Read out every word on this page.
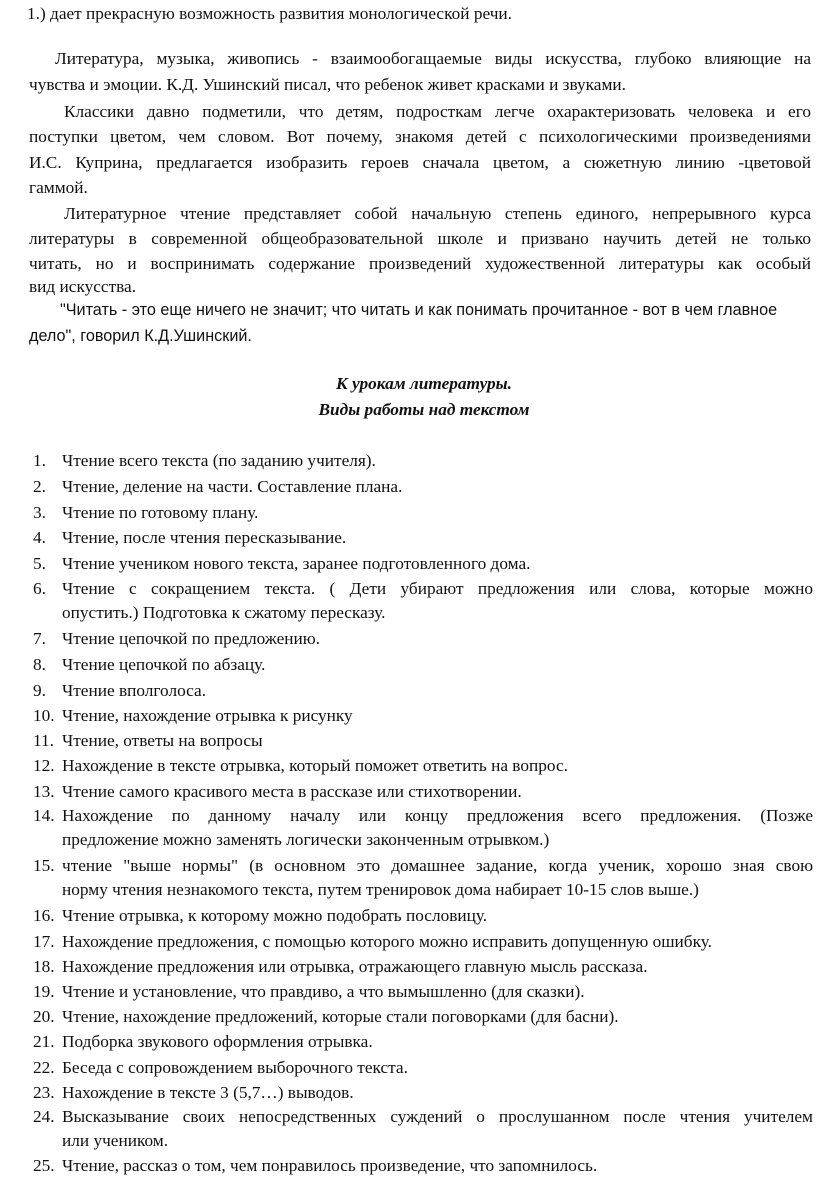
1.) дает прекрасную возможность развития монологической речи.
Литература, музыка, живопись - взаимообогащаемые виды искусства, глубоко влияющие на
чувства и эмоции. К.Д. Ушинский писал, что ребенок живет красками и звуками.
Классики давно подметили, что детям, подросткам легче охарактеризовать человека и его
поступки цветом, чем словом. Вот почему, знакомя детей с психологическими произведениями
И.С. Куприна, предлагается изобразить героев сначала цветом, а сюжетную линию -цветовой
гаммой.
Литературное чтение представляет собой начальную степень единого, непрерывного курса
литературы в современной общеобразовательной школе и призвано научить детей не только
читать, но и воспринимать содержание произведений художественной литературы как особый
вид искусства.
"Читать - это еще ничего не значит; что читать и как понимать прочитанное - вот в чем главное
дело", говорил К.Д.Ушинский.
К урокам литературы.
Виды работы над текстом
1. Чтение всего текста (по заданию учителя).
2. Чтение, деление на части. Составление плана.
3. Чтение по готовому плану.
4. Чтение, после чтения пересказывание.
5. Чтение учеником нового текста, заранее подготовленного дома.
6. Чтение с сокращением текста. ( Дети убирают предложения или слова, которые можно
опустить.) Подготовка к сжатому пересказу.
7. Чтение цепочкой по предложению.
8. Чтение цепочкой по абзацу.
9. Чтение вполголоса.
10. Чтение, нахождение отрывка к рисунку
11. Чтение, ответы на вопросы
12. Нахождение в тексте отрывка, который поможет ответить на вопрос.
13. Чтение самого красивого места в рассказе или стихотворении.
14. Нахождение по данному началу или концу предложения всего предложения. (Позже
предложение можно заменять логически законченным отрывком.)
15. чтение "выше нормы" (в основном это домашнее задание, когда ученик, хорошо зная свою
норму чтения незнакомого текста, путем тренировок дома набирает 10-15 слов выше.)
16. Чтение отрывка, к которому можно подобрать пословицу.
17. Нахождение предложения, с помощью которого можно исправить допущенную ошибку.
18. Нахождение предложения или отрывка, отражающего главную мысль рассказа.
19. Чтение и установление, что правдиво, а что вымышленно (для сказки).
20. Чтение, нахождение предложений, которые стали поговорками (для басни).
21. Подборка звукового оформления отрывка.
22. Беседа с сопровождением выборочного текста.
23. Нахождение в тексте 3 (5,7…) выводов.
24. Высказывание своих непосредственных суждений о прослушанном после чтения учителем
или учеником.
25. Чтение, рассказ о том, чем понравилось произведение, что запомнилось.
